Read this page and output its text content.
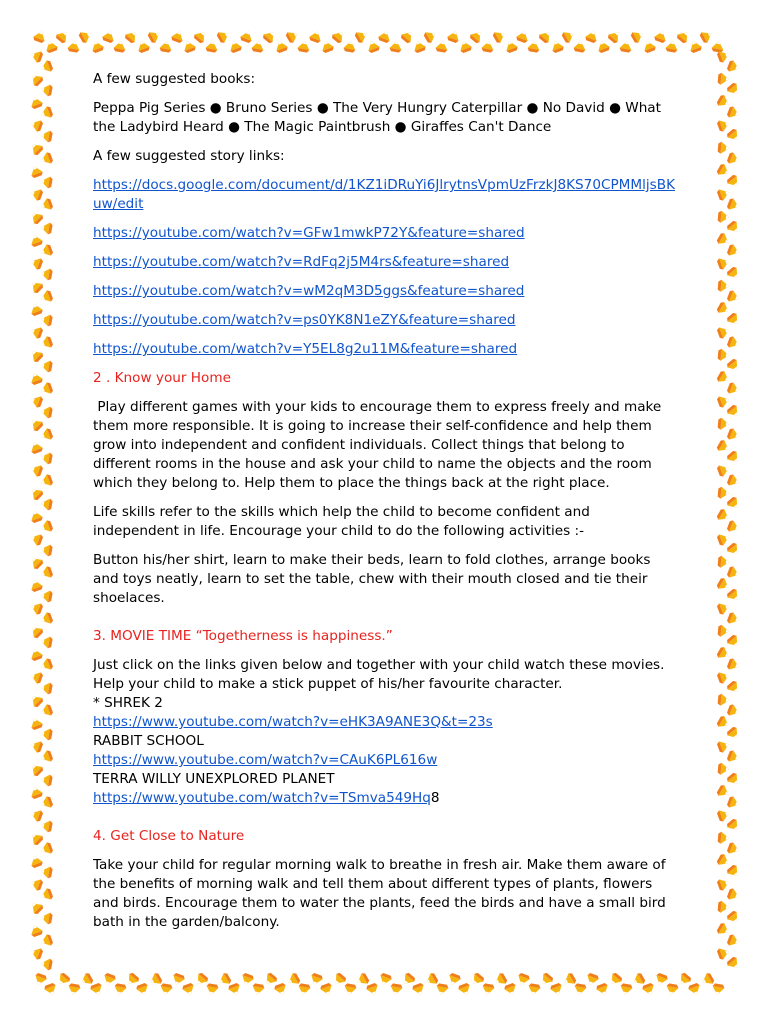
A few suggested books:

Peppa Pig Series ● Bruno Series ● The Very Hungry Caterpillar ● No David ● What the Ladybird Heard ● The Magic Paintbrush ● Giraffes Can't Dance

A few suggested story links:

https://docs.google.com/document/d/1KZ1iDRuYi6JlrytnsVpmUzFrzkJ8KS70CPMMljsBKuw/edit

https://youtube.com/watch?v=GFw1mwkP72Y&feature=shared

https://youtube.com/watch?v=RdFq2j5M4rs&feature=shared

https://youtube.com/watch?v=wM2qM3D5ggs&feature=shared

https://youtube.com/watch?v=ps0YK8N1eZY&feature=shared

https://youtube.com/watch?v=Y5EL8g2u11M&feature=shared

2 . Know your Home

Play different games with your kids to encourage them to express freely and make them more responsible. It is going to increase their self-confidence and help them grow into independent and confident individuals. Collect things that belong to different rooms in the house and ask your child to name the objects and the room which they belong to. Help them to place the things back at the right place.

Life skills refer to the skills which help the child to become confident and independent in life. Encourage your child to do the following activities :-

Button his/her shirt, learn to make their beds, learn to fold clothes, arrange books and toys neatly, learn to set the table, chew with their mouth closed and tie their shoelaces.

3. MOVIE TIME “Togetherness is happiness.”

Just click on the links given below and together with your child watch these movies. Help your child to make a stick puppet of his/her favourite character.

* SHREK 2

https://www.youtube.com/watch?v=eHK3A9ANE3Q&t=23s

RABBIT SCHOOL

https://www.youtube.com/watch?v=CAuK6PL616w

TERRA WILLY UNEXPLORED PLANET

https://www.youtube.com/watch?v=TSmva549Hq8

4. Get Close to Nature

Take your child for regular morning walk to breathe in fresh air. Make them aware of the benefits of morning walk and tell them about different types of plants, flowers and birds. Encourage them to water the plants, feed the birds and have a small bird bath in the garden/balcony.
